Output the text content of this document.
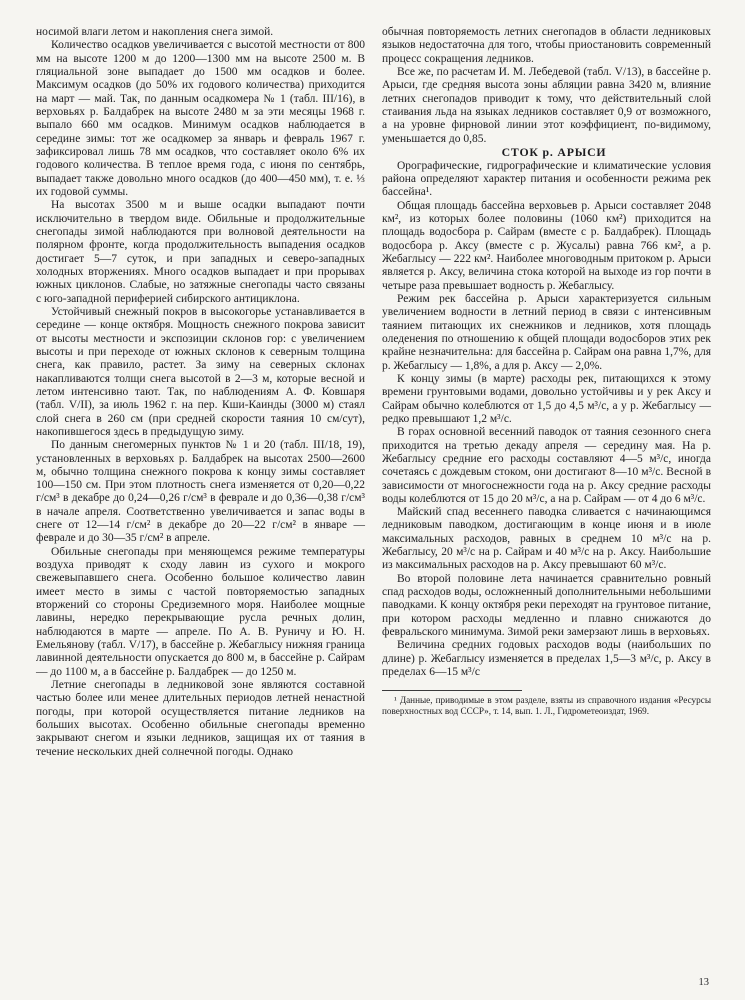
носимой влаги летом и накопления снега зимой.

Количество осадков увеличивается с высотой местности от 800 мм на высоте 1200 м до 1200—1300 мм на высоте 2500 м. В гляциальной зоне выпадает до 1500 мм осадков и более. Максимум осадков (до 50% их годового количества) приходится на март — май. Так, по данным осадкомера № 1 (табл. III/16), в верховьях р. Балдабрек на высоте 2480 м за эти месяцы 1968 г. выпало 660 мм осадков. Минимум осадков наблюдается в середине зимы: тот же осадкомер за январь и февраль 1967 г. зафиксировал лишь 78 мм осадков, что составляет около 6% их годового количества. В теплое время года, с июня по сентябрь, выпадает также довольно много осадков (до 400—450 мм), т. е. ⅓ их годовой суммы.

На высотах 3500 м и выше осадки выпадают почти исключительно в твердом виде. Обильные и продолжительные снегопады зимой наблюдаются при волновой деятельности на полярном фронте, когда продолжительность выпадения осадков достигает 5—7 суток, и при западных и северо-западных холодных вторжениях. Много осадков выпадает и при прорывах южных циклонов. Слабые, но затяжные снегопады часто связаны с юго-западной периферией сибирского антициклона.

Устойчивый снежный покров в высокогорье устанавливается в середине — конце октября. Мощность снежного покрова зависит от высоты местности и экспозиции склонов гор: с увеличением высоты и при переходе от южных склонов к северным толщина снега, как правило, растет. За зиму на северных склонах накапливаются толщи снега высотой в 2—3 м, которые весной и летом интенсивно тают. Так, по наблюдениям А. Ф. Ковшаря (табл. V/II), за июль 1962 г. на пер. Кши-Каинды (3000 м) стаял слой снега в 260 см (при средней скорости таяния 10 см/сут), накопившегося здесь в предыдущую зиму.

По данным снегомерных пунктов № 1 и 20 (табл. III/18, 19), установленных в верховьях р. Балдабрек на высотах 2500—2600 м, обычно толщина снежного покрова к концу зимы составляет 100—150 см. При этом плотность снега изменяется от 0,20—0,22 г/см³ в декабре до 0,24—0,26 г/см³ в феврале и до 0,36—0,38 г/см³ в начале апреля. Соответственно увеличивается и запас воды в снеге от 12—14 г/см² в декабре до 20—22 г/см² в январе — феврале и до 30—35 г/см² в апреле.

Обильные снегопады при меняющемся режиме температуры воздуха приводят к сходу лавин из сухого и мокрого свежевыпавшего снега. Особенно большое количество лавин имеет место в зимы с частой повторяемостью западных вторжений со стороны Средиземного моря. Наиболее мощные лавины, нередко перекрывающие русла речных долин, наблюдаются в марте — апреле. По А. В. Руничу и Ю. Н. Емельянову (табл. V/17), в бассейне р. Жебаглысу нижняя граница лавинной деятельности опускается до 800 м, в бассейне р. Сайрам — до 1100 м, а в бассейне р. Балдабрек — до 1250 м.

Летние снегопады в ледниковой зоне являются составной частью более или менее длительных периодов летней ненастной погоды, при которой осуществляется питание ледников на больших высотах. Особенно обильные снегопады временно закрывают снегом и языки ледников, защищая их от таяния в течение нескольких дней солнечной погоды. Однако

обычная повторяемость летних снегопадов в области ледниковых языков недостаточна для того, чтобы приостановить современный процесс сокращения ледников.

Все же, по расчетам И. М. Лебедевой (табл. V/13), в бассейне р. Арыси, где средняя высота зоны абляции равна 3420 м, влияние летних снегопадов приводит к тому, что действительный слой стаивания льда на языках ледников составляет 0,9 от возможного, а на уровне фирновой линии этот коэффициент, по-видимому, уменьшается до 0,85.

СТОК р. АРЫСИ

Орографические, гидрографические и климатические условия района определяют характер питания и особенности режима рек бассейна¹.

Общая площадь бассейна верховьев р. Арыси составляет 2048 км², из которых более половины (1060 км²) приходится на площадь водосбора р. Сайрам (вместе с р. Балдабрек). Площадь водосбора р. Аксу (вместе с р. Жусалы) равна 766 км², а р. Жебаглысу — 222 км². Наиболее многоводным притоком р. Арыси является р. Аксу, величина стока которой на выходе из гор почти в четыре раза превышает водность р. Жебаглысу.

Режим рек бассейна р. Арыси характеризуется сильным увеличением водности в летний период в связи с интенсивным таянием питающих их снежников и ледников, хотя площадь оледенения по отношению к общей площади водосборов этих рек крайне незначительна: для бассейна р. Сайрам она равна 1,7%, для р. Жебаглысу — 1,8%, а для р. Аксу — 2,0%.

К концу зимы (в марте) расходы рек, питающихся к этому времени грунтовыми водами, довольно устойчивы и у рек Аксу и Сайрам обычно колеблются от 1,5 до 4,5 м³/с, а у р. Жебаглысу — редко превышают 1,2 м³/с.

В горах основной весенний паводок от таяния сезонного снега приходится на третью декаду апреля — середину мая. На р. Жебаглысу средние его расходы составляют 4—5 м³/с, иногда сочетаясь с дождевым стоком, они достигают 8—10 м³/с. Весной в зависимости от многоснежности года на р. Аксу средние расходы воды колеблются от 15 до 20 м³/с, а на р. Сайрам — от 4 до 6 м³/с.

Майский спад весеннего паводка сливается с начинающимся ледниковым паводком, достигающим в конце июня и в июле максимальных расходов, равных в среднем 10 м³/с на р. Жебаглысу, 20 м³/с на р. Сайрам и 40 м³/с на р. Аксу. Наибольшие из максимальных расходов на р. Аксу превышают 60 м³/с.

Во второй половине лета начинается сравнительно ровный спад расходов воды, осложненный дополнительными небольшими паводками. К концу октября реки переходят на грунтовое питание, при котором расходы медленно и плавно снижаются до февральского минимума. Зимой реки замерзают лишь в верховьях.

Величина средних годовых расходов воды (наибольших по длине) р. Жебаглысу изменяется в пределах 1,5—3 м³/с, р. Аксу в пределах 6—15 м³/с

¹ Данные, приводимые в этом разделе, взяты из справочного издания «Ресурсы поверхностных вод СССР», т. 14, вып. 1. Л., Гидрометеоиздат, 1969.

13
